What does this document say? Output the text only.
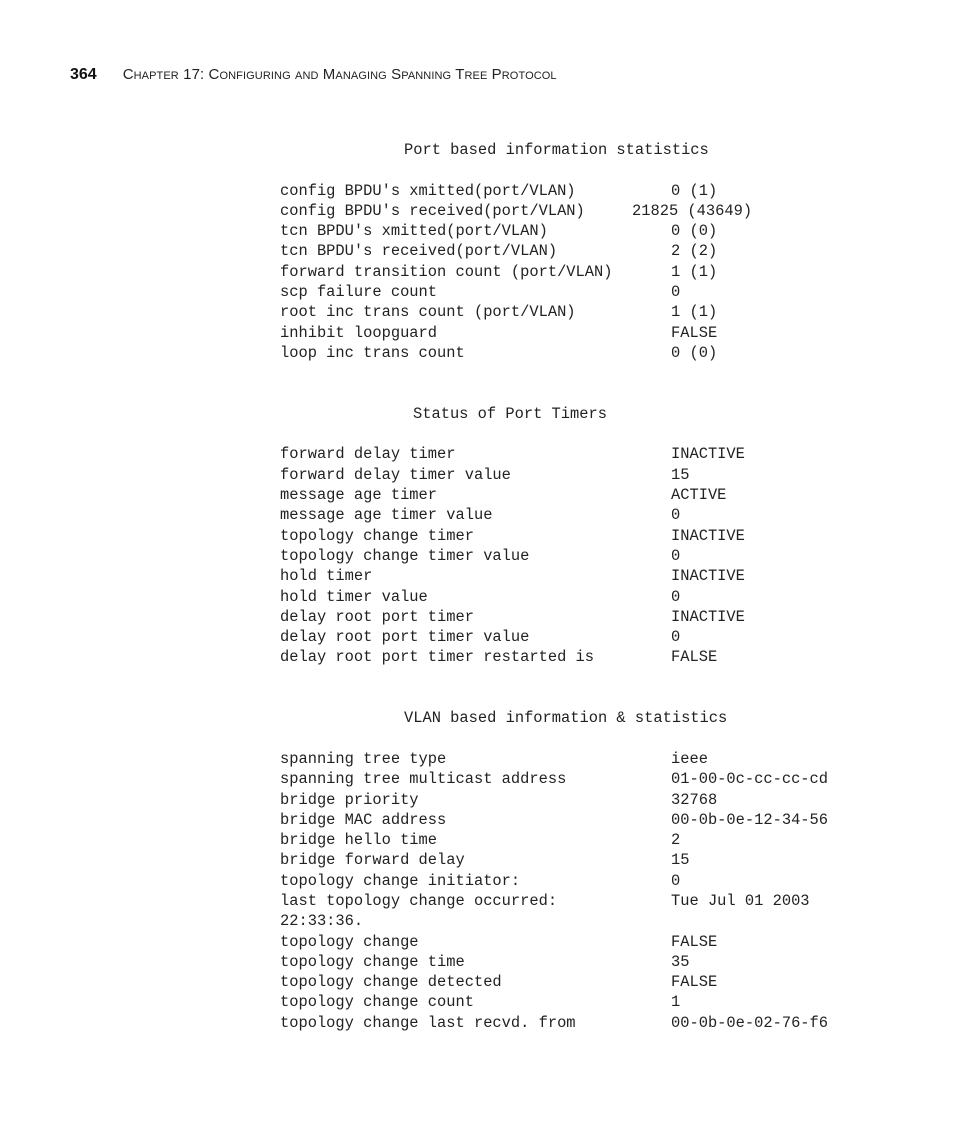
364 Chapter 17: Configuring and Managing Spanning Tree Protocol
Port based information statistics
config BPDU's xmitted(port/VLAN)	0 (1)
config BPDU's received(port/VLAN)	21825 (43649)
tcn BPDU's xmitted(port/VLAN)	0 (0)
tcn BPDU's received(port/VLAN)	2 (2)
forward transition count (port/VLAN)	1 (1)
scp failure count	0
root inc trans count (port/VLAN)	1 (1)
inhibit loopguard	FALSE
loop inc trans count	0 (0)
Status of Port Timers
forward delay timer	INACTIVE
forward delay timer value	15
message age timer	ACTIVE
message age timer value	0
topology change timer	INACTIVE
topology change timer value	0
hold timer	INACTIVE
hold timer value	0
delay root port timer	INACTIVE
delay root port timer value	0
delay root port timer restarted is	FALSE
VLAN based information & statistics
spanning tree type	ieee
spanning tree multicast address	01-00-0c-cc-cc-cd
bridge priority	32768
bridge MAC address	00-0b-0e-12-34-56
bridge hello time	2
bridge forward delay	15
topology change initiator:	0
last topology change occurred:	Tue Jul 01 2003
22:33:36.
topology change	FALSE
topology change time	35
topology change detected	FALSE
topology change count	1
topology change last recvd. from	00-0b-0e-02-76-f6
